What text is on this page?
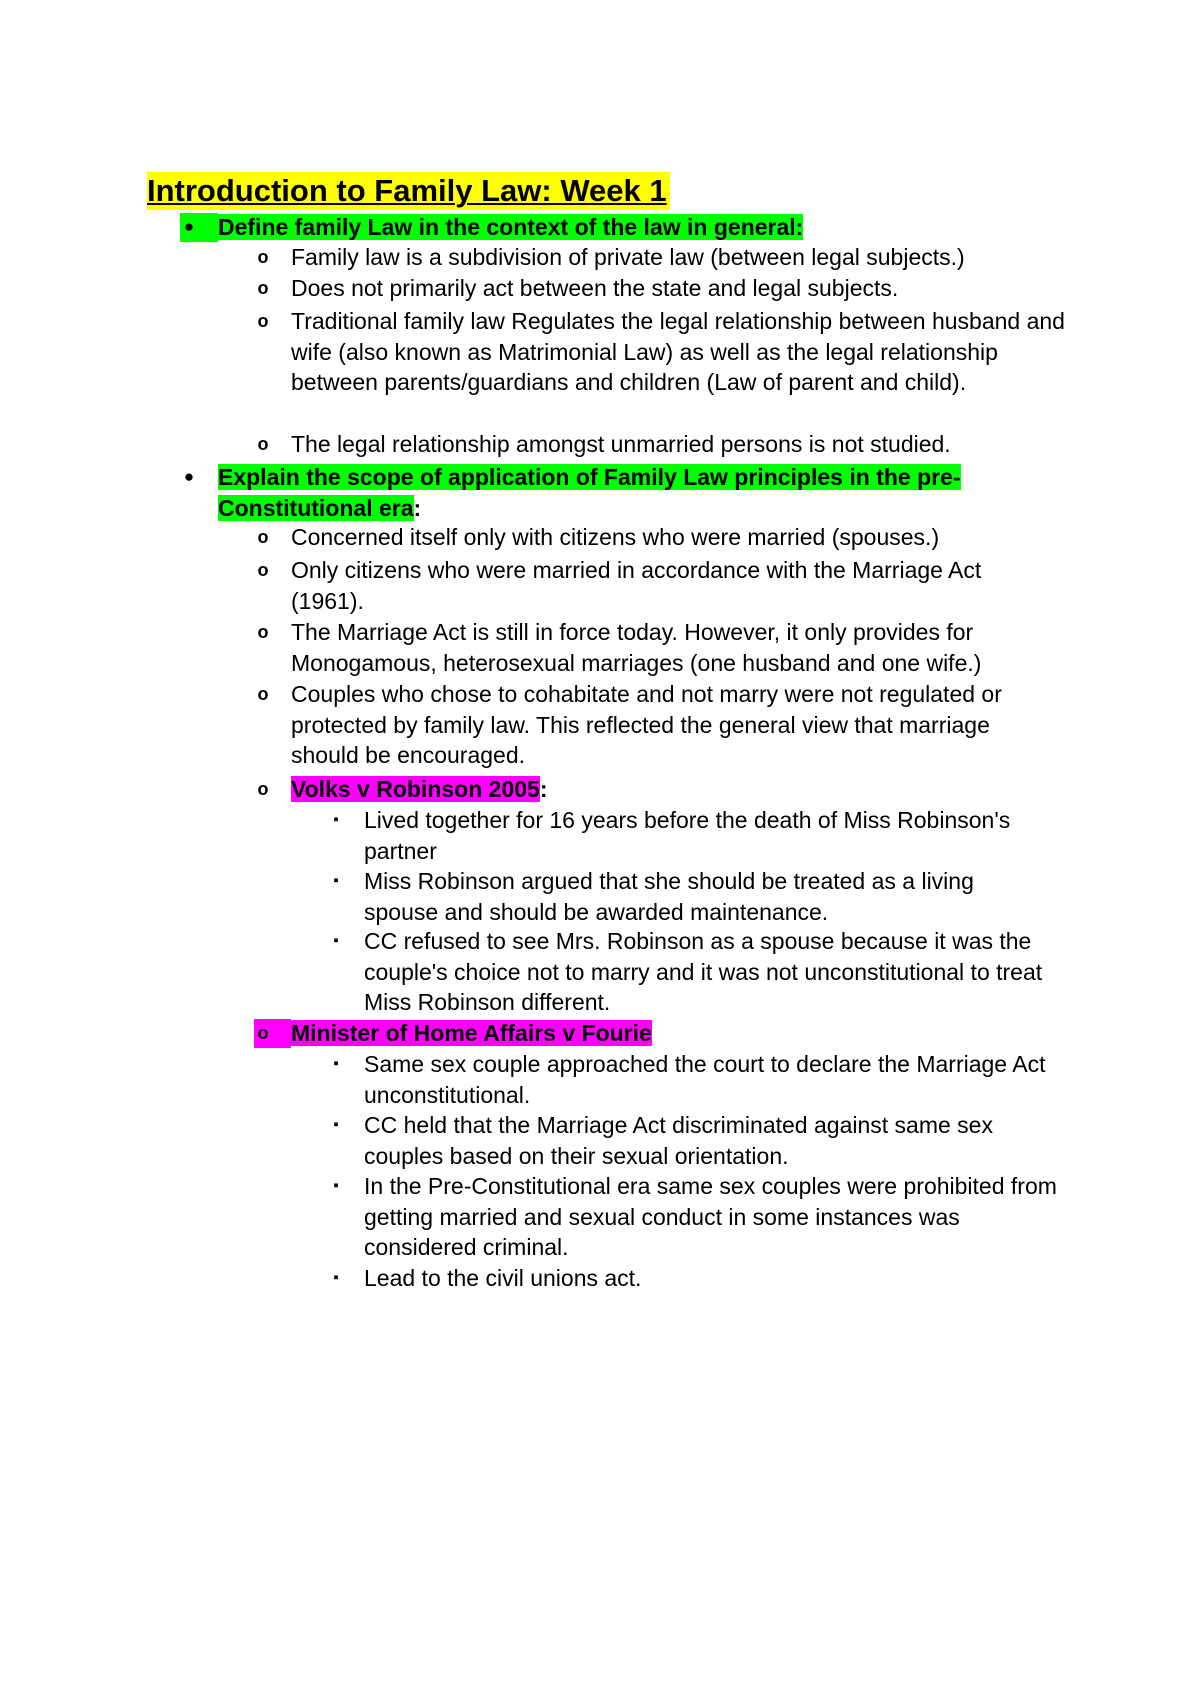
Introduction to Family Law: Week 1
● Define family Law in the context of the law in general:
o Family law is a subdivision of private law (between legal subjects.)
o Does not primarily act between the state and legal subjects.
o Traditional family law Regulates the legal relationship between husband and wife (also known as Matrimonial Law) as well as the legal relationship between parents/guardians and children (Law of parent and child).
o The legal relationship amongst unmarried persons is not studied.
● Explain the scope of application of Family Law principles in the pre-Constitutional era:
o Concerned itself only with citizens who were married (spouses.)
o Only citizens who were married in accordance with the Marriage Act (1961).
o The Marriage Act is still in force today. However, it only provides for Monogamous, heterosexual marriages (one husband and one wife.)
o Couples who chose to cohabitate and not marry were not regulated or protected by family law. This reflected the general view that marriage should be encouraged.
o Volks v Robinson 2005:
▪	Lived together for 16 years before the death of Miss Robinson's partner
▪	Miss Robinson argued that she should be treated as a living spouse and should be awarded maintenance.
▪	CC refused to see Mrs. Robinson as a spouse because it was the couple's choice not to marry and it was not unconstitutional to treat Miss Robinson different.
o Minister of Home Affairs v Fourie
▪	Same sex couple approached the court to declare the Marriage Act unconstitutional.
▪	CC held that the Marriage Act discriminated against same sex couples based on their sexual orientation.
▪	In the Pre-Constitutional era same sex couples were prohibited from getting married and sexual conduct in some instances was considered criminal.
▪	Lead to the civil unions act.
